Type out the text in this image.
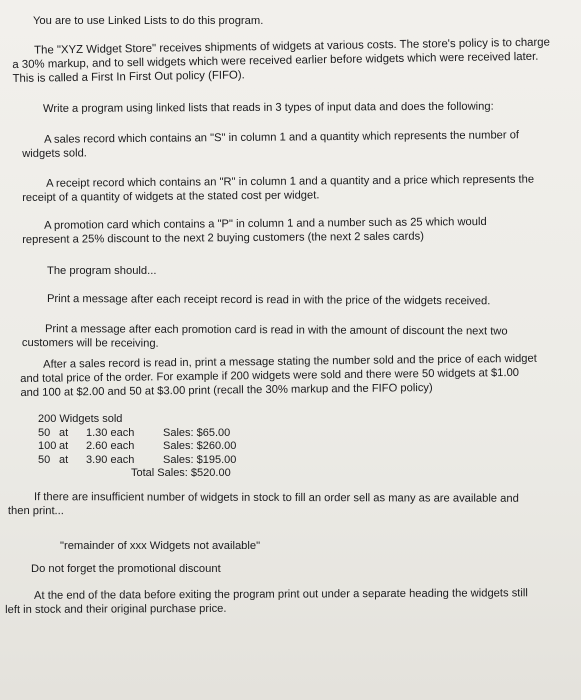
You are to use Linked Lists to do this program.

The "XYZ Widget Store" receives shipments of widgets at various costs. The store's policy is to charge a 30% markup, and to sell widgets which were received earlier before widgets which were received later. This is called a First In First Out policy (FIFO).

Write a program using linked lists that reads in 3 types of input data and does the following:

A sales record which contains an "S" in column 1 and a quantity which represents the number of widgets sold.

A receipt record which contains an "R" in column 1 and a quantity and a price which represents the receipt of a quantity of widgets at the stated cost per widget.

A promotion card which contains a "P" in column 1 and a number such as 25 which would represent a 25% discount to the next 2 buying customers (the next 2 sales cards)

The program should...

Print a message after each receipt record is read in with the price of the widgets received.

Print a message after each promotion card is read in with the amount of discount the next two customers will be receiving.

After a sales record is read in, print a message stating the number sold and the price of each widget and total price of the order. For example if 200 widgets were sold and there were 50 widgets at $1.00 and 100 at $2.00 and 50 at $3.00 print (recall the 30% markup and the FIFO policy)

200 Widgets sold
50 at	1.30 each	Sales: $65.00
100 at	2.60 each	Sales: $260.00
50 at	3.90 each	Sales: $195.00
Total Sales: $520.00

If there are insufficient number of widgets in stock to fill an order sell as many as are available and then print...

"remainder of xxx Widgets not available"

Do not forget the promotional discount

At the end of the data before exiting the program print out under a separate heading the widgets still left in stock and their original purchase price.
